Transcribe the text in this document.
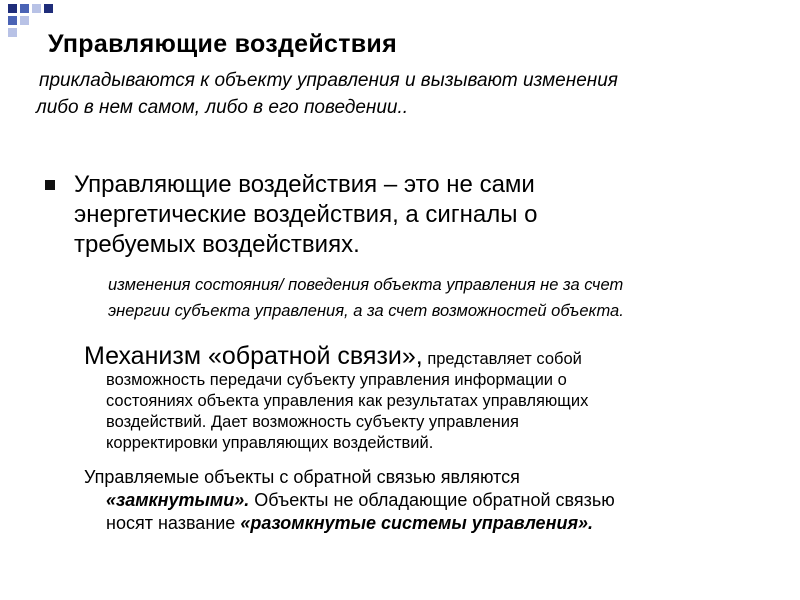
Управляющие воздействия
прикладываются к объекту управления и вызывают изменения
либо в нем самом, либо в его поведении..
Управляющие воздействия – это не сами
энергетические воздействия, а сигналы о
требуемых воздействиях.
изменения состояния/ поведения объекта управления не за счет
энергии субъекта управления, а за счет возможностей объекта.
Механизм «обратной связи», представляет собой
возможность передачи субъекту управления информации о
состояниях объекта управления как результатах управляющих
воздействий. Дает возможность субъекту управления
корректировки управляющих воздействий.
Управляемые объекты с обратной связью являются
«замкнутыми». Объекты не обладающие обратной связью
носят название «разомкнутые систeмы управления».
